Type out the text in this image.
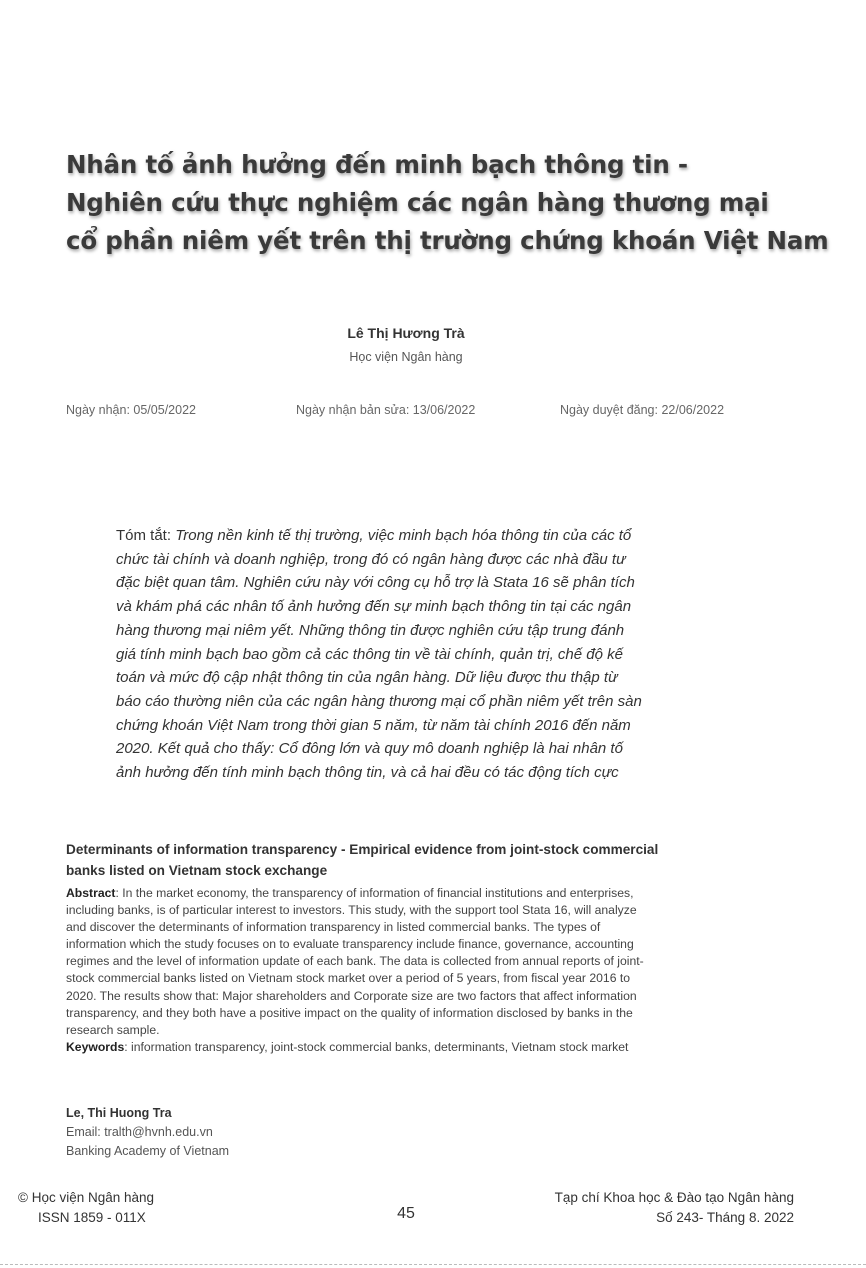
Nhân tố ảnh hưởng đến minh bạch thông tin -
Nghiên cứu thực nghiệm các ngân hàng thương mại
cổ phần niêm yết trên thị trường chứng khoán Việt Nam
Lê Thị Hương Trà
Học viện Ngân hàng
Ngày nhận: 05/05/2022	Ngày nhận bản sửa: 13/06/2022	Ngày duyệt đăng: 22/06/2022
Tóm tắt: Trong nền kinh tế thị trường, việc minh bạch hóa thông tin của các tổ
chức tài chính và doanh nghiệp, trong đó có ngân hàng được các nhà đầu tư
đặc biệt quan tâm. Nghiên cứu này với công cụ hỗ trợ là Stata 16 sẽ phân tích
và khám phá các nhân tố ảnh hưởng đến sự minh bạch thông tin tại các ngân
hàng thương mại niêm yết. Những thông tin được nghiên cứu tập trung đánh
giá tính minh bạch bao gồm cả các thông tin về tài chính, quản trị, chế độ kế
toán và mức độ cập nhật thông tin của ngân hàng. Dữ liệu được thu thập từ
báo cáo thường niên của các ngân hàng thương mại cổ phần niêm yết trên sàn
chứng khoán Việt Nam trong thời gian 5 năm, từ năm tài chính 2016 đến năm
2020. Kết quả cho thấy: Cổ đông lớn và quy mô doanh nghiệp là hai nhân tố
ảnh hưởng đến tính minh bạch thông tin, và cả hai đều có tác động tích cực
Determinants of information transparency - Empirical evidence from joint-stock commercial
banks listed on Vietnam stock exchange
Abstract: In the market economy, the transparency of information of financial institutions and enterprises,
including banks, is of particular interest to investors. This study, with the support tool Stata 16, will analyze
and discover the determinants of information transparency in listed commercial banks. The types of
information which the study focuses on to evaluate transparency include finance, governance, accounting
regimes and the level of information update of each bank. The data is collected from annual reports of joint-
stock commercial banks listed on Vietnam stock market over a period of 5 years, from fiscal year 2016 to
2020. The results show that: Major shareholders and Corporate size are two factors that affect information
transparency, and they both have a positive impact on the quality of information disclosed by banks in the
research sample.
Keywords: information transparency, joint-stock commercial banks, determinants, Vietnam stock market
Le, Thi Huong Tra
Email: tralth@hvnh.edu.vn
Banking Academy of Vietnam
© Học viện Ngân hàng
ISSN 1859 - 011X	45
Tạp chí Khoa học & Đào tạo Ngân hàng
Số 243- Tháng 8. 2022
